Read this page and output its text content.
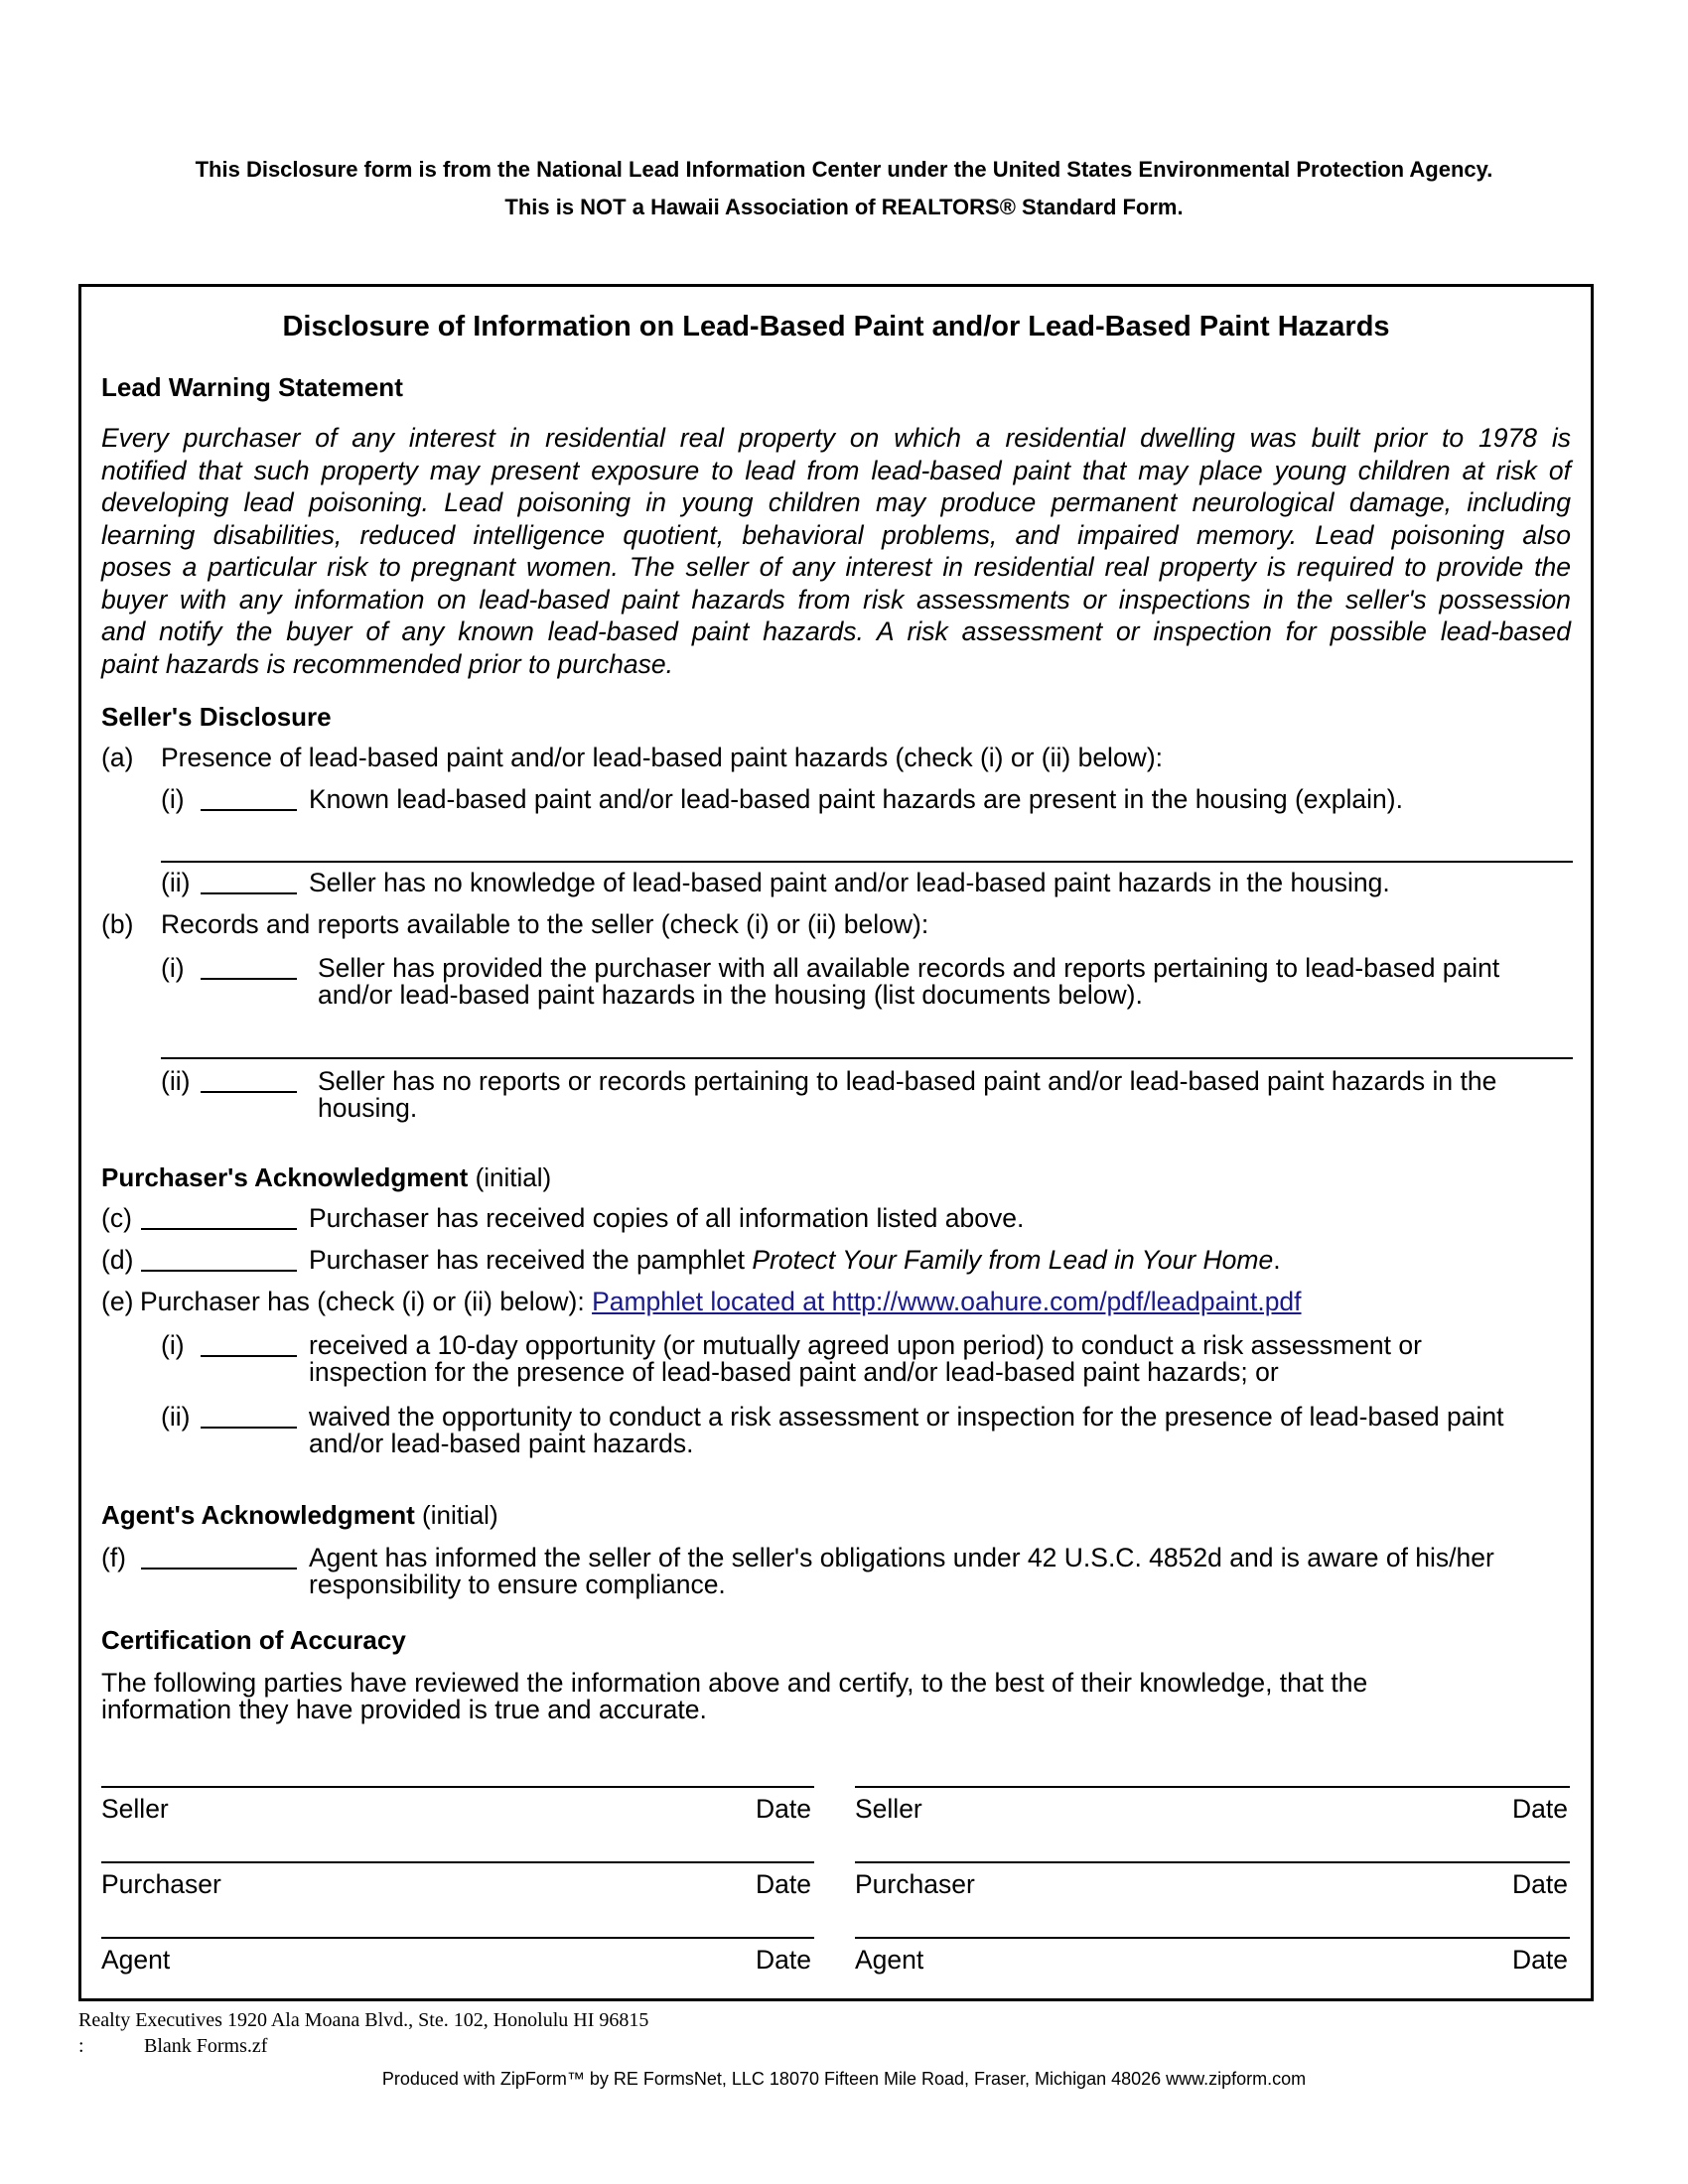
This Disclosure form is from the National Lead Information Center under the United States Environmental Protection Agency.
This is NOT a Hawaii Association of REALTORS® Standard Form.
Disclosure of Information on Lead-Based Paint and/or Lead-Based Paint Hazards
Lead Warning Statement
Every purchaser of any interest in residential real property on which a residential dwelling was built prior to 1978 is
notified that such property may present exposure to lead from lead-based paint that may place young children at risk of
developing lead poisoning. Lead poisoning in young children may produce permanent neurological damage, including
learning disabilities, reduced intelligence quotient, behavioral problems, and impaired memory. Lead poisoning also
poses a particular risk to pregnant women. The seller of any interest in residential real property is required to provide the
buyer with any information on lead-based paint hazards from risk assessments or inspections in the seller's possession
and notify the buyer of any known lead-based paint hazards. A risk assessment or inspection for possible lead-based
paint hazards is recommended prior to purchase.
Seller's Disclosure
(a) Presence of lead-based paint and/or lead-based paint hazards (check (i) or (ii) below):
(i)	Known lead-based paint and/or lead-based paint hazards are present in the housing (explain).
(ii)	Seller has no knowledge of lead-based paint and/or lead-based paint hazards in the housing.
(b) Records and reports available to the seller (check (i) or (ii) below):
(i)	Seller has provided the purchaser with all available records and reports pertaining to lead-based paint
and/or lead-based paint hazards in the housing (list documents below).
(ii)	Seller has no reports or records pertaining to lead-based paint and/or lead-based paint hazards in the
housing.
Purchaser's Acknowledgment (initial)
(c)	Purchaser has received copies of all information listed above.
(d)	Purchaser has received the pamphlet Protect Your Family from Lead in Your Home.
(e) Purchaser has (check (i) or (ii) below): Pamphlet located at http://www.oahure.com/pdf/leadpaint.pdf
(i)	received a 10-day opportunity (or mutually agreed upon period) to conduct a risk assessment or
inspection for the presence of lead-based paint and/or lead-based paint hazards; or
(ii)	waived the opportunity to conduct a risk assessment or inspection for the presence of lead-based paint
and/or lead-based paint hazards.
Agent's Acknowledgment (initial)
(f)	Agent has informed the seller of the seller's obligations under 42 U.S.C. 4852d and is aware of his/her
responsibility to ensure compliance.
Certification of Accuracy
The following parties have reviewed the information above and certify, to the best of their knowledge, that the
information they have provided is true and accurate.
Seller	Date Seller	Date
Purchaser	Date Purchaser	Date
Agent	Date Agent	Date
Realty Executives 1920 Ala Moana Blvd., Ste. 102, Honolulu HI 96815
:	Blank Forms.zf
Produced with ZipForm™ by RE FormsNet, LLC 18070 Fifteen Mile Road, Fraser, Michigan 48026 www.zipform.com
